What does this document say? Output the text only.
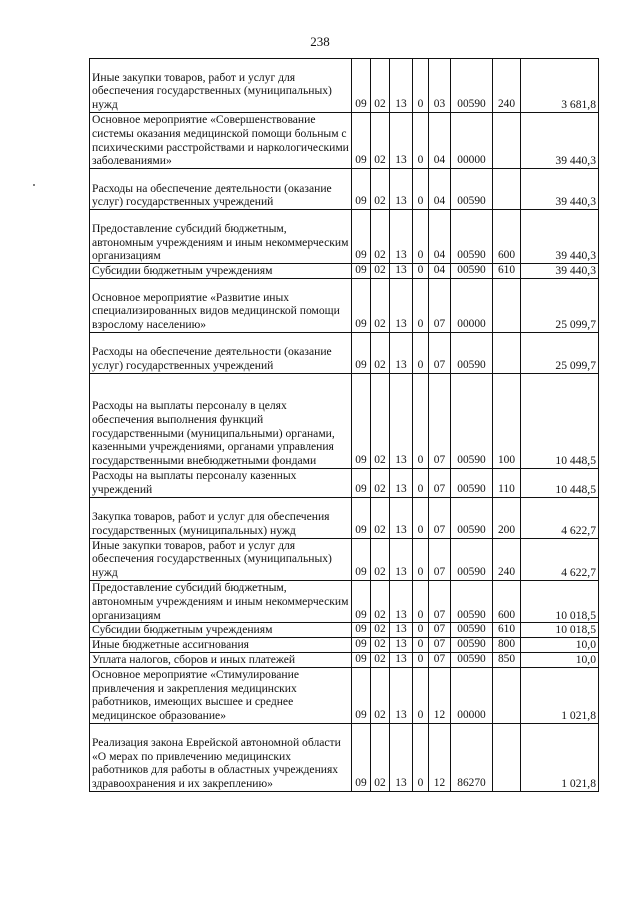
238
Иные закупки товаров, работ и услуг для обеспечения государственных (муниципальных) нужд	09	02	13	0	03	00590	240	3 681,8
Основное мероприятие «Совершенствование системы оказания медицинской помощи больным с психическими расстройствами и наркологическими заболеваниями»	09	02	13	0	04	00000		39 440,3
Расходы на обеспечение деятельности (оказание услуг) государственных учреждений	09	02	13	0	04	00590		39 440,3
Предоставление субсидий бюджетным, автономным учреждениям и иным некоммерческим организациям	09	02	13	0	04	00590	600	39 440,3
Субсидии бюджетным учреждениям	09	02	13	0	04	00590	610	39 440,3
Основное мероприятие «Развитие иных специализированных видов медицинской помощи взрослому населению»	09	02	13	0	07	00000		25 099,7
Расходы на обеспечение деятельности (оказание услуг) государственных учреждений	09	02	13	0	07	00590		25 099,7
Расходы на выплаты персоналу в целях обеспечения выполнения функций государственными (муниципальными) органами, казенными учреждениями, органами управления государственными внебюджетными фондами	09	02	13	0	07	00590	100	10 448,5
Расходы на выплаты персоналу казенных учреждений	09	02	13	0	07	00590	110	10 448,5
Закупка товаров, работ и услуг для обеспечения государственных (муниципальных) нужд	09	02	13	0	07	00590	200	4 622,7
Иные закупки товаров, работ и услуг для обеспечения государственных (муниципальных) нужд	09	02	13	0	07	00590	240	4 622,7
Предоставление субсидий бюджетным, автономным учреждениям и иным некоммерческим организациям	09	02	13	0	07	00590	600	10 018,5
Субсидии бюджетным учреждениям	09	02	13	0	07	00590	610	10 018,5
Иные бюджетные ассигнования	09	02	13	0	07	00590	800	10,0
Уплата налогов, сборов и иных платежей	09	02	13	0	07	00590	850	10,0
Основное мероприятие «Стимулирование привлечения и закрепления медицинских работников, имеющих высшее и среднее медицинское образование»	09	02	13	0	12	00000		1 021,8
Реализация закона Еврейской автономной области «О мерах по привлечению медицинских работников для работы в областных учреждениях здравоохранения и их закреплению»	09	02	13	0	12	86270		1 021,8
